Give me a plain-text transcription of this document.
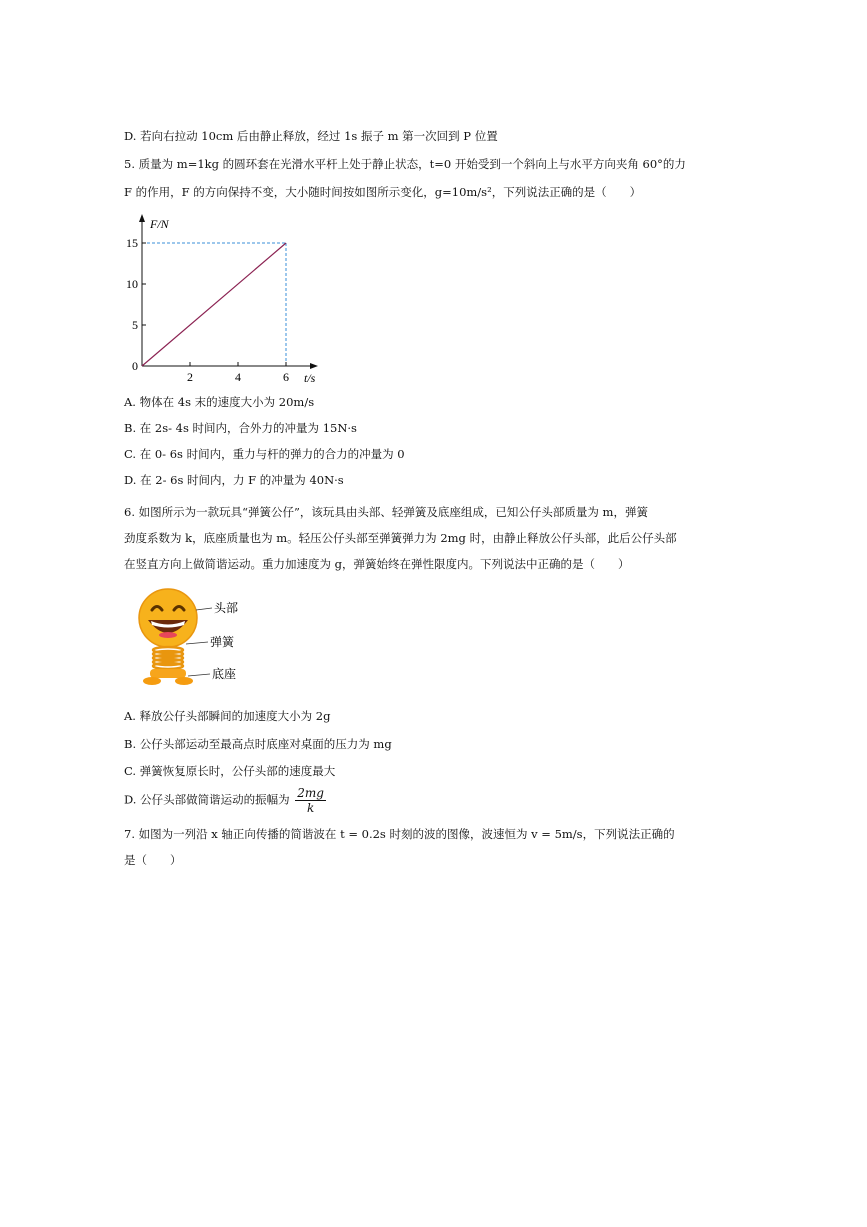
D. 若向右拉动 10cm 后由静止释放，经过 1s 振子 m 第一次回到 P 位置
5. 质量为 m=1kg 的圆环套在光滑水平杆上处于静止状态，t=0 开始受到一个斜向上与水平方向夹角 60°的力
F 的作用，F 的方向保持不变，大小随时间按如图所示变化，g=10m/s²，下列说法正确的是（　　）
2	4	6
0
5
10
15
F/N
t/s
A. 物体在 4s 末的速度大小为 20m/s
B. 在 2s- 4s 时间内，合外力的冲量为 15N·s
C. 在 0- 6s 时间内，重力与杆的弹力的合力的冲量为 0
D. 在 2- 6s 时间内，力 F 的冲量为 40N·s
6. 如图所示为一款玩具“弹簧公仔”，该玩具由头部、轻弹簧及底座组成，已知公仔头部质量为 m，弹簧
劲度系数为 k，底座质量也为 m。轻压公仔头部至弹簧弹力为 2mg 时，由静止释放公仔头部，此后公仔头部
在竖直方向上做简谐运动。重力加速度为 g，弹簧始终在弹性限度内。下列说法中正确的是（　　）
头部
弹簧
底座
A. 释放公仔头部瞬间的加速度大小为 2g
B. 公仔头部运动至最高点时底座对桌面的压力为 mg
C. 弹簧恢复原长时，公仔头部的速度最大
D. 公仔头部做简谐运动的振幅为 $\frac{2mg}{k}$
7. 如图为一列沿 x 轴正向传播的简谐波在 t = 0.2s 时刻的波的图像，波速恒为 v = 5m/s，下列说法正确的
是（　　）
